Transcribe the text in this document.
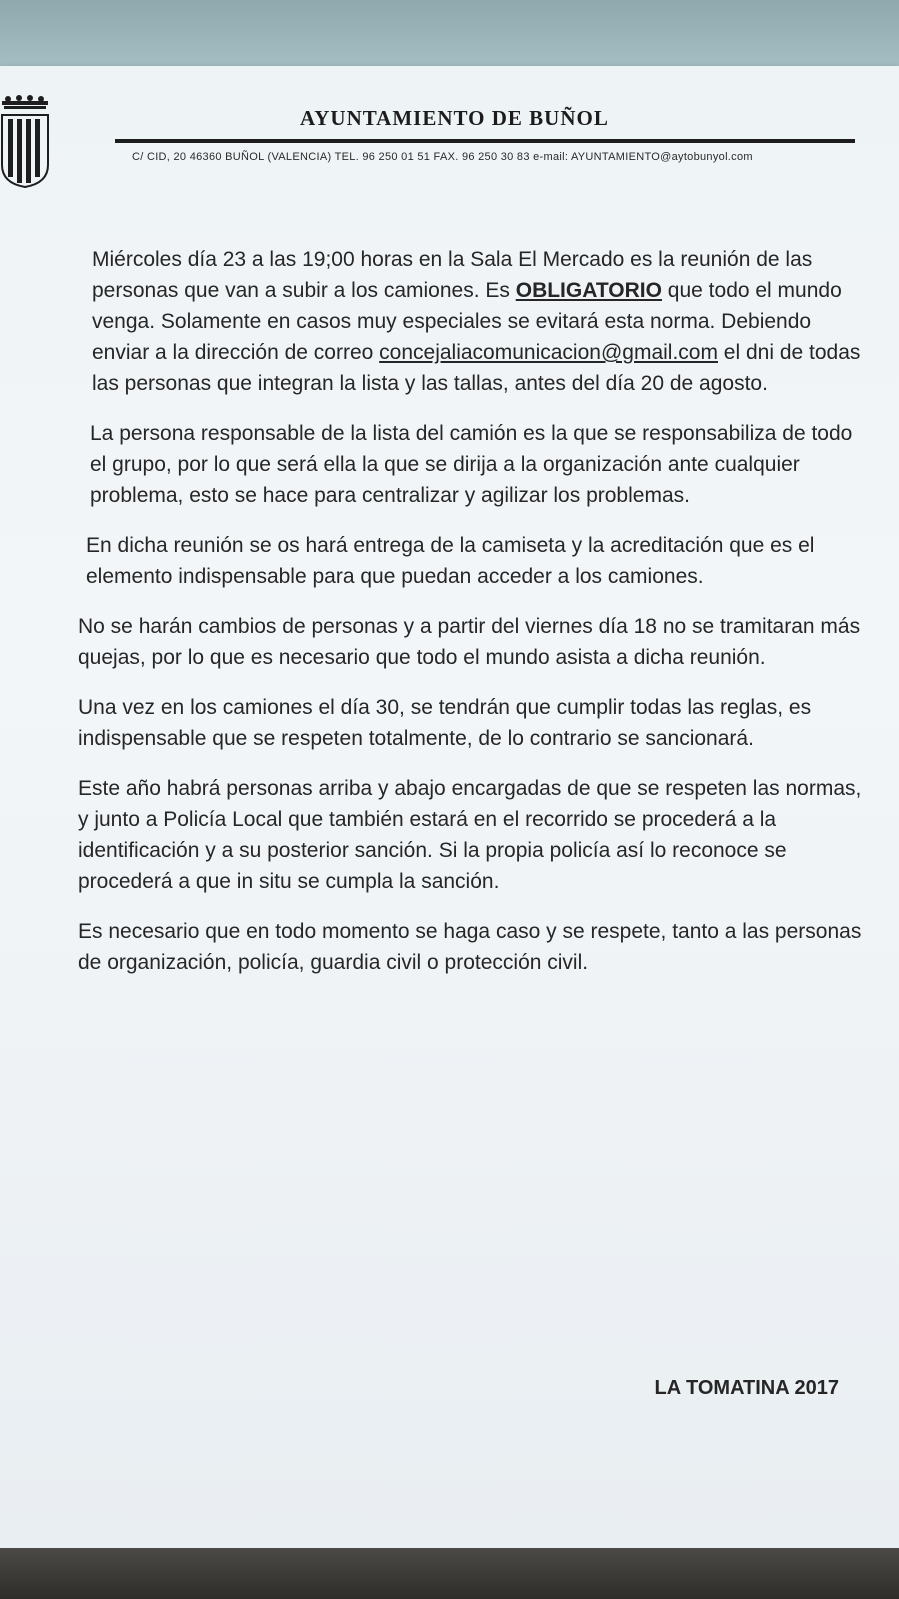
AYUNTAMIENTO DE BUÑOL
C/ CID, 20 46360 BUÑOL (VALENCIA) TEL. 96 250 01 51 FAX. 96 250 30 83 e-mail: AYUNTAMIENTO@aytobunyol.com

Miércoles día 23 a las 19;00 horas en la Sala El Mercado es la reunión de las personas que van a subir a los camiones. Es OBLIGATORIO que todo el mundo venga. Solamente en casos muy especiales se evitará esta norma. Debiendo enviar a la dirección de correo concejaliacomunicacion@gmail.com el dni de todas las personas que integran la lista y las tallas, antes del día 20 de agosto.

La persona responsable de la lista del camión es la que se responsabiliza de todo el grupo, por lo que será ella la que se dirija a la organización ante cualquier problema, esto se hace para centralizar y agilizar los problemas.

En dicha reunión se os hará entrega de la camiseta y la acreditación que es el elemento indispensable para que puedan acceder a los camiones.

No se harán cambios de personas y a partir del viernes día 18 no se tramitaran más quejas, por lo que es necesario que todo el mundo asista a dicha reunión.

Una vez en los camiones el día 30, se tendrán que cumplir todas las reglas, es indispensable que se respeten totalmente, de lo contrario se sancionará.

Este año habrá personas arriba y abajo encargadas de que se respeten las normas, y junto a Policía Local que también estará en el recorrido se procederá a la identificación y a su posterior sanción. Si la propia policía así lo reconoce se procederá a que in situ se cumpla la sanción.

Es necesario que en todo momento se haga caso y se respete, tanto a las personas de organización, policía, guardia civil o protección civil.

LA TOMATINA 2017
